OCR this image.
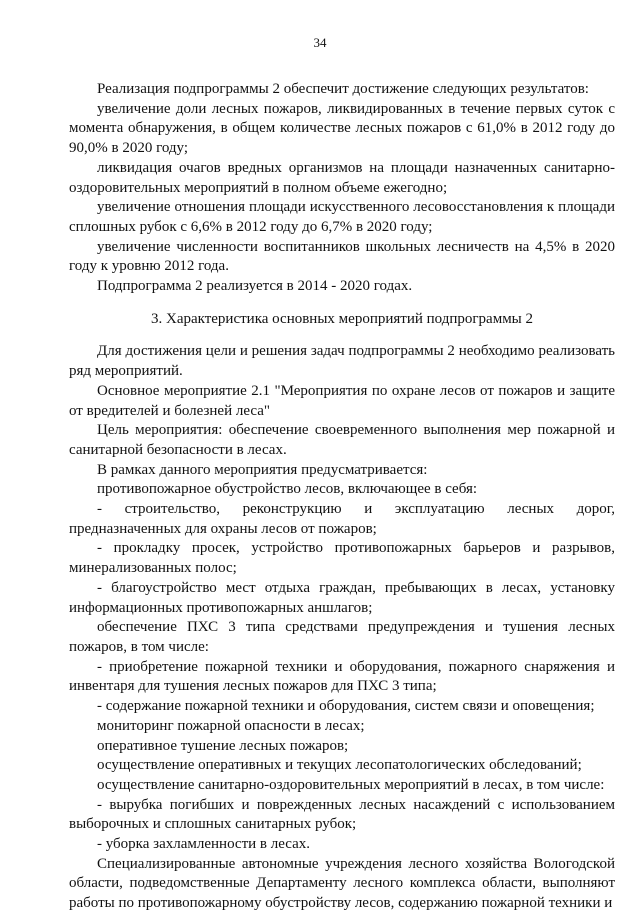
34

Реализация подпрограммы 2 обеспечит достижение следующих результатов:

увеличение доли лесных пожаров, ликвидированных в течение первых суток с момента обнаружения, в общем количестве лесных пожаров с 61,0% в 2012 году до 90,0% в 2020 году;

ликвидация очагов вредных организмов на площади назначенных санитарно-оздоровительных мероприятий в полном объеме ежегодно;

увеличение отношения площади искусственного лесовосстановления к площади сплошных рубок с 6,6% в 2012 году до 6,7% в 2020 году;

увеличение численности воспитанников школьных лесничеств на 4,5% в 2020 году к уровню 2012 года.

Подпрограмма 2 реализуется в 2014 - 2020 годах.

3. Характеристика основных мероприятий подпрограммы 2

Для достижения цели и решения задач подпрограммы 2 необходимо реализовать ряд мероприятий.

Основное мероприятие 2.1 "Мероприятия по охране лесов от пожаров и защите от вредителей и болезней леса"

Цель мероприятия: обеспечение своевременного выполнения мер пожарной и санитарной безопасности в лесах.

В рамках данного мероприятия предусматривается:

противопожарное обустройство лесов, включающее в себя:

- строительство, реконструкцию и эксплуатацию лесных дорог, предназначенных для охраны лесов от пожаров;

- прокладку просек, устройство противопожарных барьеров и разрывов, минерализованных полос;

- благоустройство мест отдыха граждан, пребывающих в лесах, установку информационных противопожарных аншлагов;

обеспечение ПХС 3 типа средствами предупреждения и тушения лесных пожаров, в том числе:

- приобретение пожарной техники и оборудования, пожарного снаряжения и инвентаря для тушения лесных пожаров для ПХС 3 типа;

- содержание пожарной техники и оборудования, систем связи и оповещения;

мониторинг пожарной опасности в лесах;

оперативное тушение лесных пожаров;

осуществление оперативных и текущих лесопатологических обследований;

осуществление санитарно-оздоровительных мероприятий в лесах, в том числе:

- вырубка погибших и поврежденных лесных насаждений с использованием выборочных и сплошных санитарных рубок;

- уборка захламленности в лесах.

Специализированные автономные учреждения лесного хозяйства Вологодской области, подведомственные Департаменту лесного комплекса области, выполняют работы по противопожарному обустройству лесов, содержанию пожарной техники и
